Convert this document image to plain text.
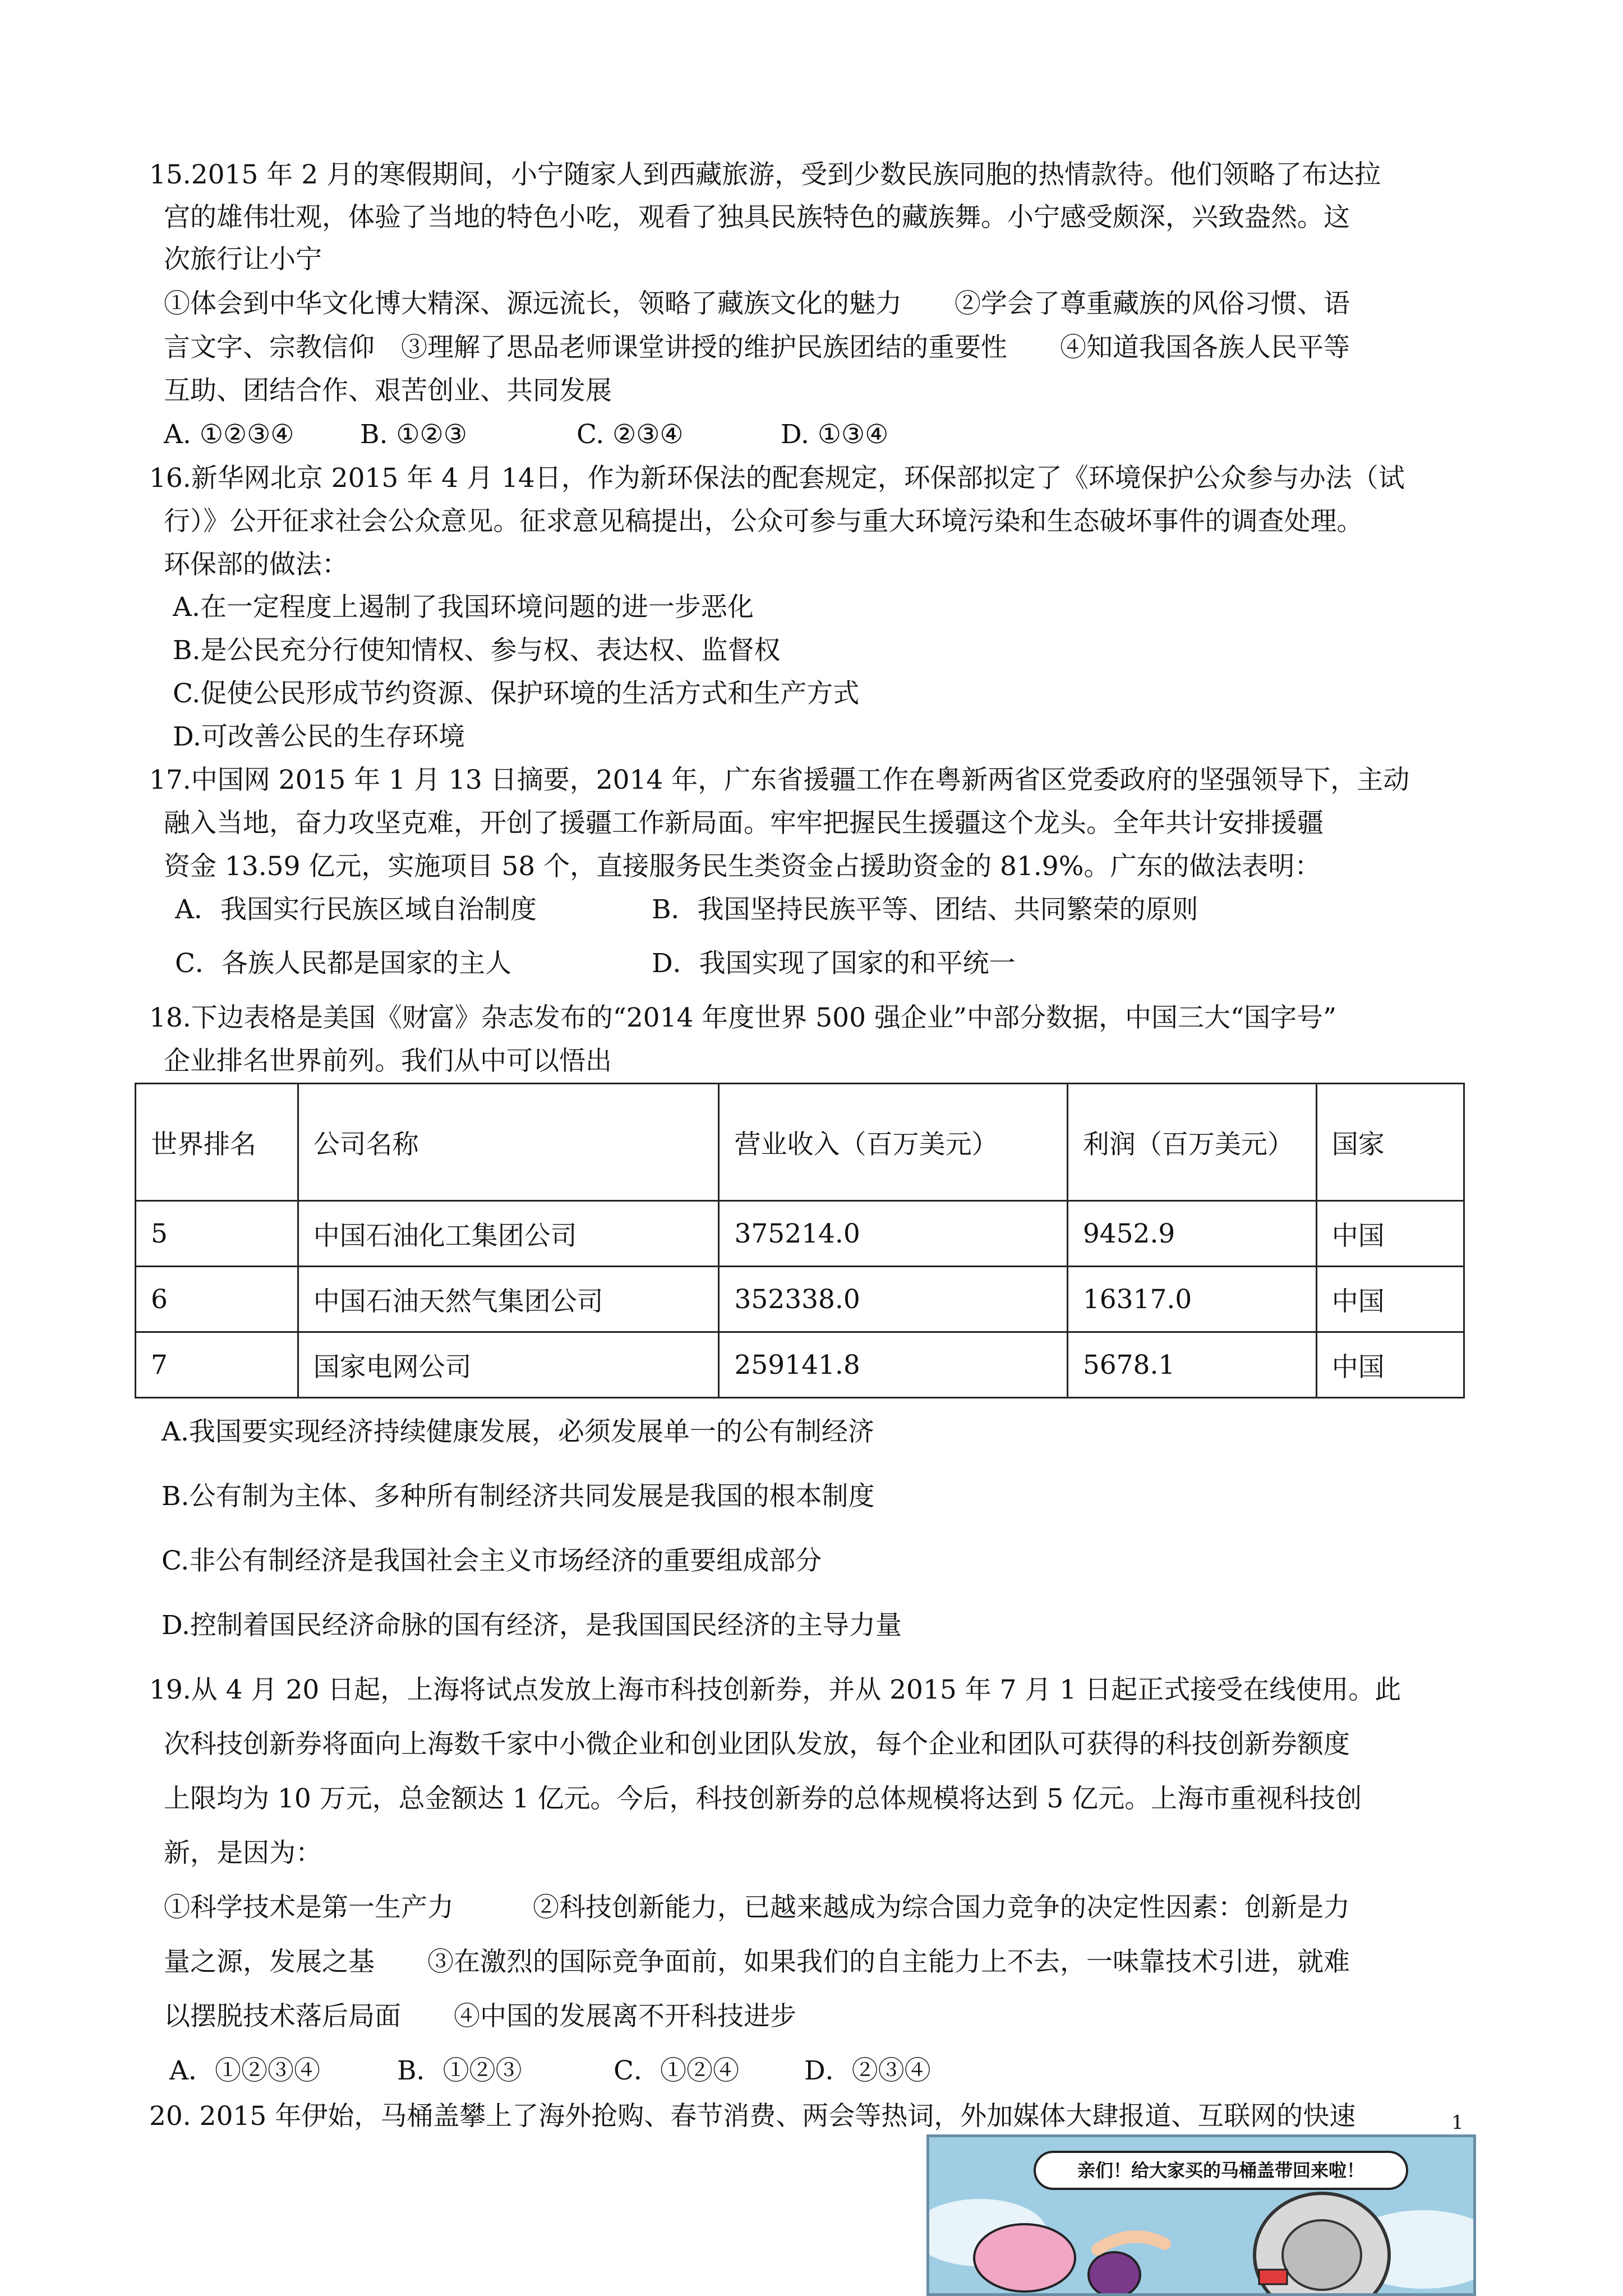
15.2015 年 2 月的寒假期间，小宁随家人到西藏旅游，受到少数民族同胞的热情款待。他们领略了布达拉
宫的雄伟壮观，体验了当地的特色小吃，观看了独具民族特色的藏族舞。小宁感受颇深，兴致盎然。这
次旅行让小宁
①体会到中华文化博大精深、源远流长，领略了藏族文化的魅力　　②学会了尊重藏族的风俗习惯、语
言文字、宗教信仰　③理解了思品老师课堂讲授的维护民族团结的重要性　　④知道我国各族人民平等
互助、团结合作、艰苦创业、共同发展
A. ①②③④	B. ①②③	C. ②③④	D. ①③④
16.新华网北京 2015 年 4 月 14日，作为新环保法的配套规定，环保部拟定了《环境保护公众参与办法（试
行）》公开征求社会公众意见。征求意见稿提出，公众可参与重大环境污染和生态破坏事件的调查处理。
环保部的做法：
A.在一定程度上遏制了我国环境问题的进一步恶化
B.是公民充分行使知情权、参与权、表达权、监督权
C.促使公民形成节约资源、保护环境的生活方式和生产方式
D.可改善公民的生存环境
17.中国网 2015 年 1 月 13 日摘要，2014 年，广东省援疆工作在粤新两省区党委政府的坚强领导下，主动
融入当地，奋力攻坚克难，开创了援疆工作新局面。牢牢把握民生援疆这个龙头。全年共计安排援疆
资金 13.59 亿元，实施项目 58 个，直接服务民生类资金占援助资金的 81.9%。广东的做法表明：
A．我国实行民族区域自治制度	B．我国坚持民族平等、团结、共同繁荣的原则
C．各族人民都是国家的主人	D．我国实现了国家的和平统一
18.下边表格是美国《财富》杂志发布的“2014 年度世界 500 强企业”中部分数据，中国三大“国字号”
企业排名世界前列。我们从中可以悟出
世界排名	公司名称	营业收入（百万美元）	利润（百万美元）	国家
5	中国石油化工集团公司	375214.0	9452.9	中国
6	中国石油天然气集团公司	352338.0	16317.0	中国
7	国家电网公司	259141.8	5678.1	中国
A.我国要实现经济持续健康发展，必须发展单一的公有制经济
B.公有制为主体、多种所有制经济共同发展是我国的根本制度
C.非公有制经济是我国社会主义市场经济的重要组成部分
D.控制着国民经济命脉的国有经济，是我国国民经济的主导力量
19.从 4 月 20 日起，上海将试点发放上海市科技创新券，并从 2015 年 7 月 1 日起正式接受在线使用。此
次科技创新券将面向上海数千家中小微企业和创业团队发放，每个企业和团队可获得的科技创新券额度
上限均为 10 万元，总金额达 1 亿元。今后，科技创新券的总体规模将达到 5 亿元。上海市重视科技创
新，是因为：
①科学技术是第一生产力　　　②科技创新能力，已越来越成为综合国力竞争的决定性因素：创新是力
量之源，发展之基　　③在激烈的国际竞争面前，如果我们的自主能力上不去，一味靠技术引进，就难
以摆脱技术落后局面　　④中国的发展离不开科技进步
A．①②③④	B．①②③	C．①②④	D．②③④
20. 2015 年伊始，马桶盖攀上了海外抢购、春节消费、两会等热词，外加媒体大肆报道、互联网的快速	1
亲们！给大家买的马桶盖带回来啦！
